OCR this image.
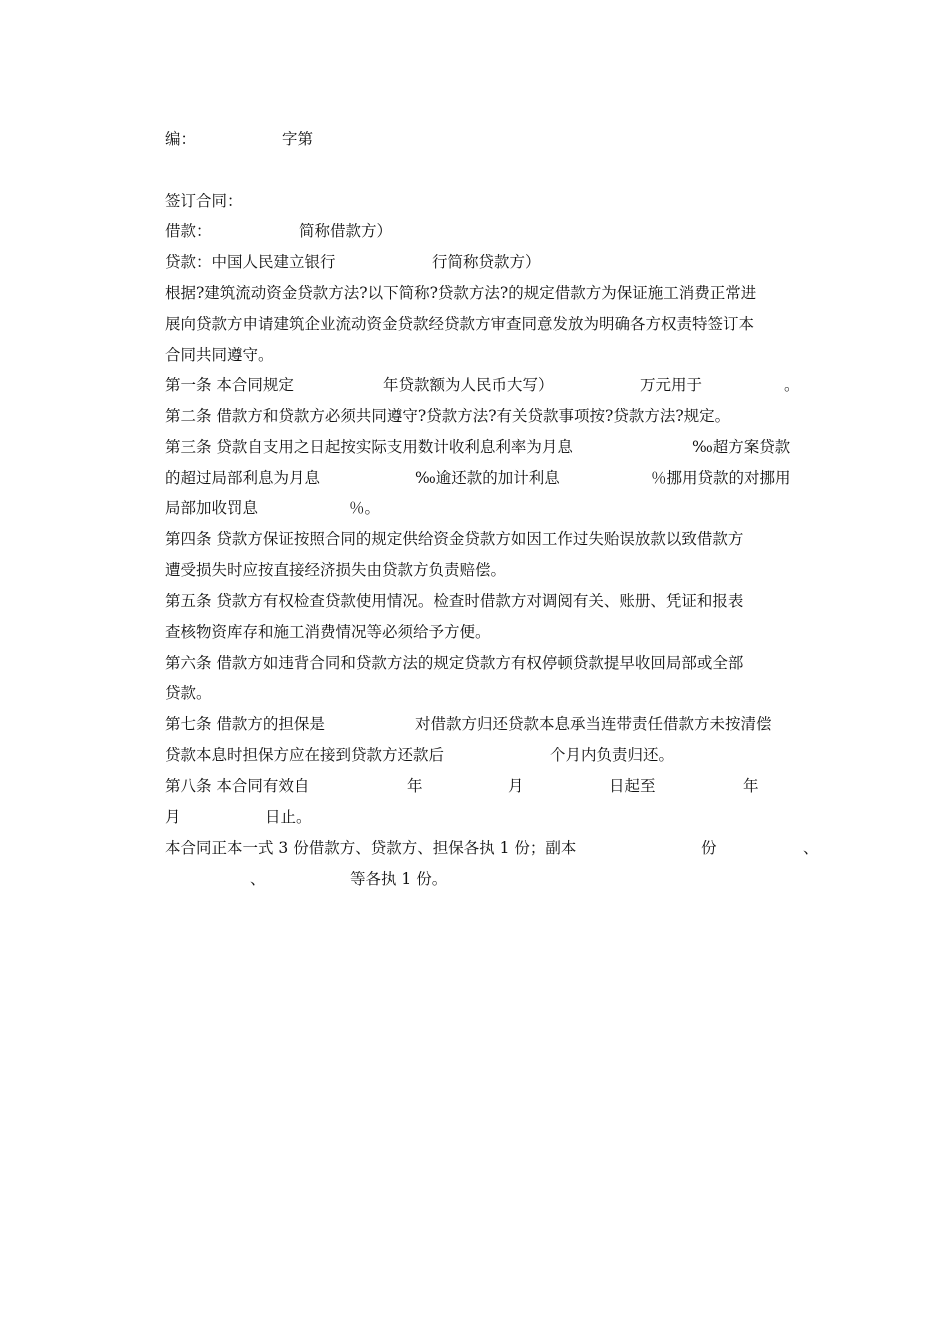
编：	字第
签订合同：
借款：	简称借款方）
贷款：中国人民建立银行	行简称贷款方）
根据?建筑流动资金贷款方法?以下简称?贷款方法?的规定借款方为保证施工消费正常进
展向贷款方申请建筑企业流动资金贷款经贷款方审查同意发放为明确各方权责特签订本
合同共同遵守。
第一条 本合同规定	年贷款额为人民币大写）	万元用于	。
第二条 借款方和贷款方必须共同遵守?贷款方法?有关贷款事项按?贷款方法?规定。
第三条 贷款自支用之日起按实际支用数计收利息利率为月息	‰超方案贷款
的超过局部利息为月息	‰逾还款的加计利息	％挪用贷款的对挪用
局部加收罚息	％。
第四条 贷款方保证按照合同的规定供给资金贷款方如因工作过失贻误放款以致借款方
遭受损失时应按直接经济损失由贷款方负责赔偿。
第五条 贷款方有权检查贷款使用情况。检查时借款方对调阅有关、账册、凭证和报表
查核物资库存和施工消费情况等必须给予方便。
第六条 借款方如违背合同和贷款方法的规定贷款方有权停顿贷款提早收回局部或全部
贷款。
第七条 借款方的担保是	对借款方归还贷款本息承当连带责任借款方未按清偿
贷款本息时担保方应在接到贷款方还款后	个月内负责归还。
第八条 本合同有效自	年	月	日起至	年
月	日止。
本合同正本一式 3 份借款方、贷款方、担保各执 1 份；副本	份	、
、	等各执 1 份。
